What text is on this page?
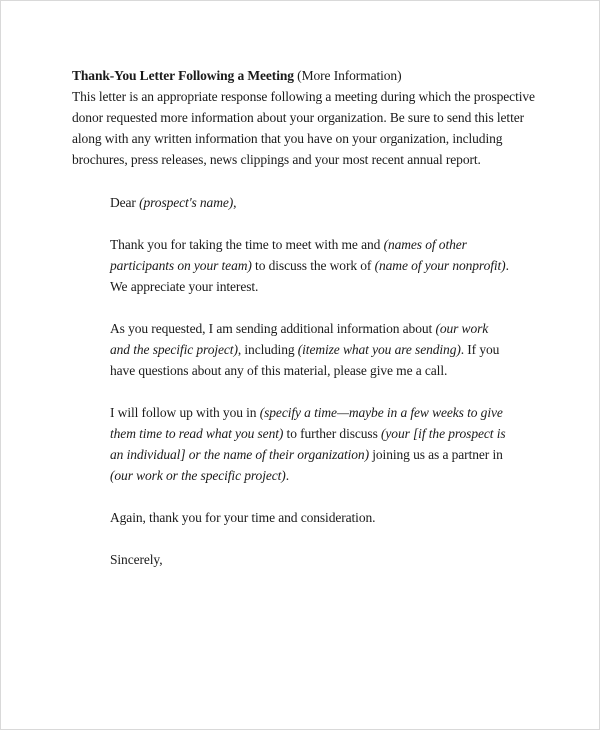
Thank-You Letter Following a Meeting (More Information)

This letter is an appropriate response following a meeting during which the prospective donor requested more information about your organization. Be sure to send this letter along with any written information that you have on your organization, including brochures, press releases, news clippings and your most recent annual report.

Dear (prospect's name),

Thank you for taking the time to meet with me and (names of other participants on your team) to discuss the work of (name of your nonprofit). We appreciate your interest.

As you requested, I am sending additional information about (our work and the specific project), including (itemize what you are sending). If you have questions about any of this material, please give me a call.

I will follow up with you in (specify a time—maybe in a few weeks to give them time to read what you sent) to further discuss (your [if the prospect is an individual] or the name of their organization) joining us as a partner in (our work or the specific project).

Again, thank you for your time and consideration.

Sincerely,
